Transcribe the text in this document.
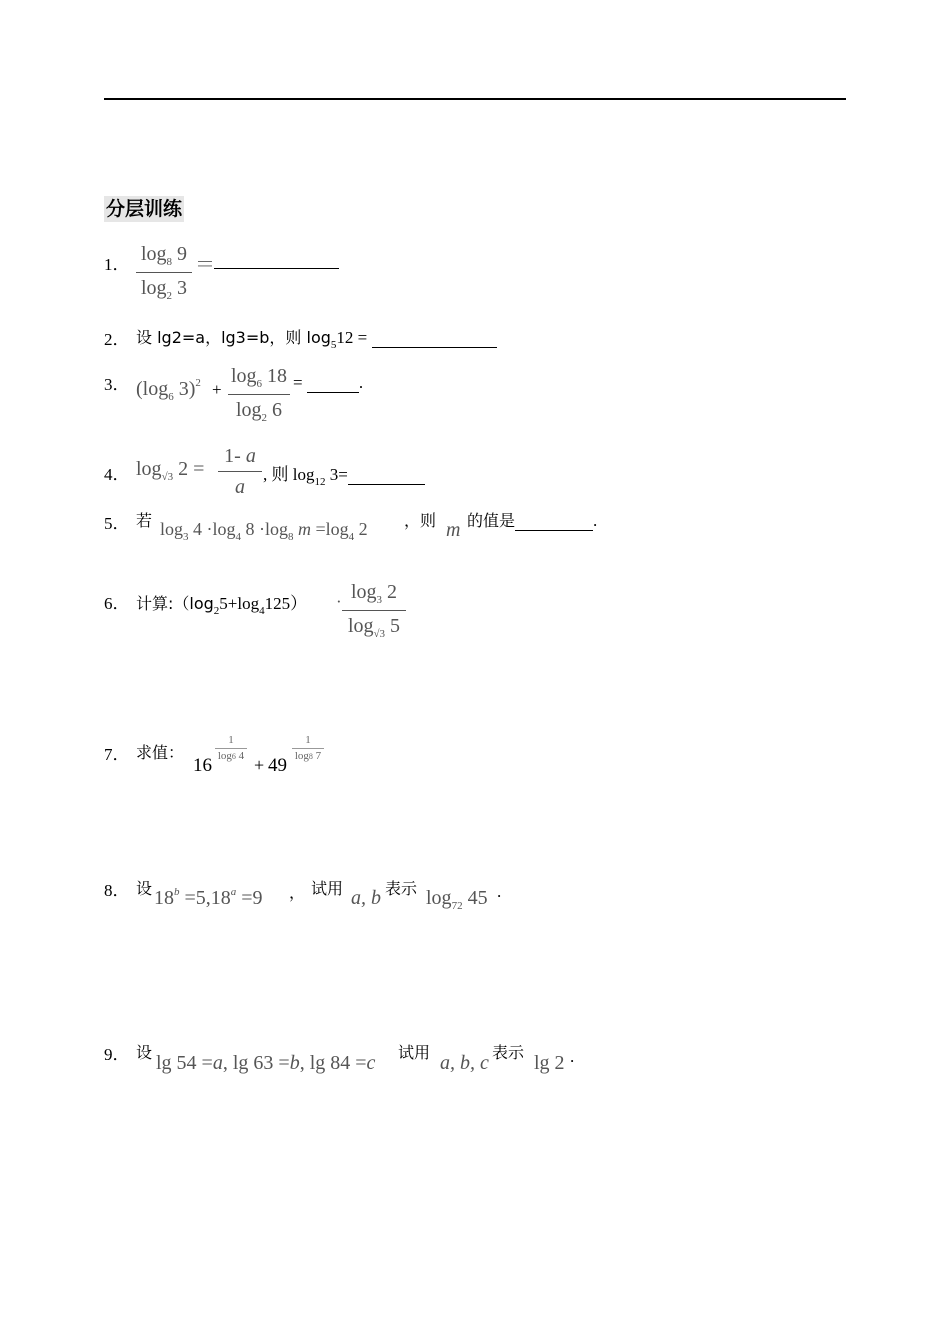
分层训练
1． $\log_8 9$
$\log_2 3$
＝
2． 设 lg2=a，lg3=b，则 $\log_512$ =
3． ($\log_6$ 3)$^2$ +
$\log_6 18$
$\log_2 6$
=	.
4． $\log_{√3} 2$ =
1- a
a
, 则 $\log_{12} 3=$
5． 若 $\log_3 4 \cdot\log_4$ $8 \cdot\log_8$ $m =\log_4$ 2 ，则 m 的值是	.
6． 计算$:(\log_25+\log_4125) \cdot \log_3 2$
$\log_{√3} 5$
7． 求值：
16
1
log6 4 + 49
1
log8 7
8． 设 $18^b =5,18^a =9$ ， 试用 a, b 表示 $\log_{72} 45$ .
9． 设 lg 54 =a, lg 63 =b, lg 84 =c 试用 a, b, c 表示 lg 2 .
